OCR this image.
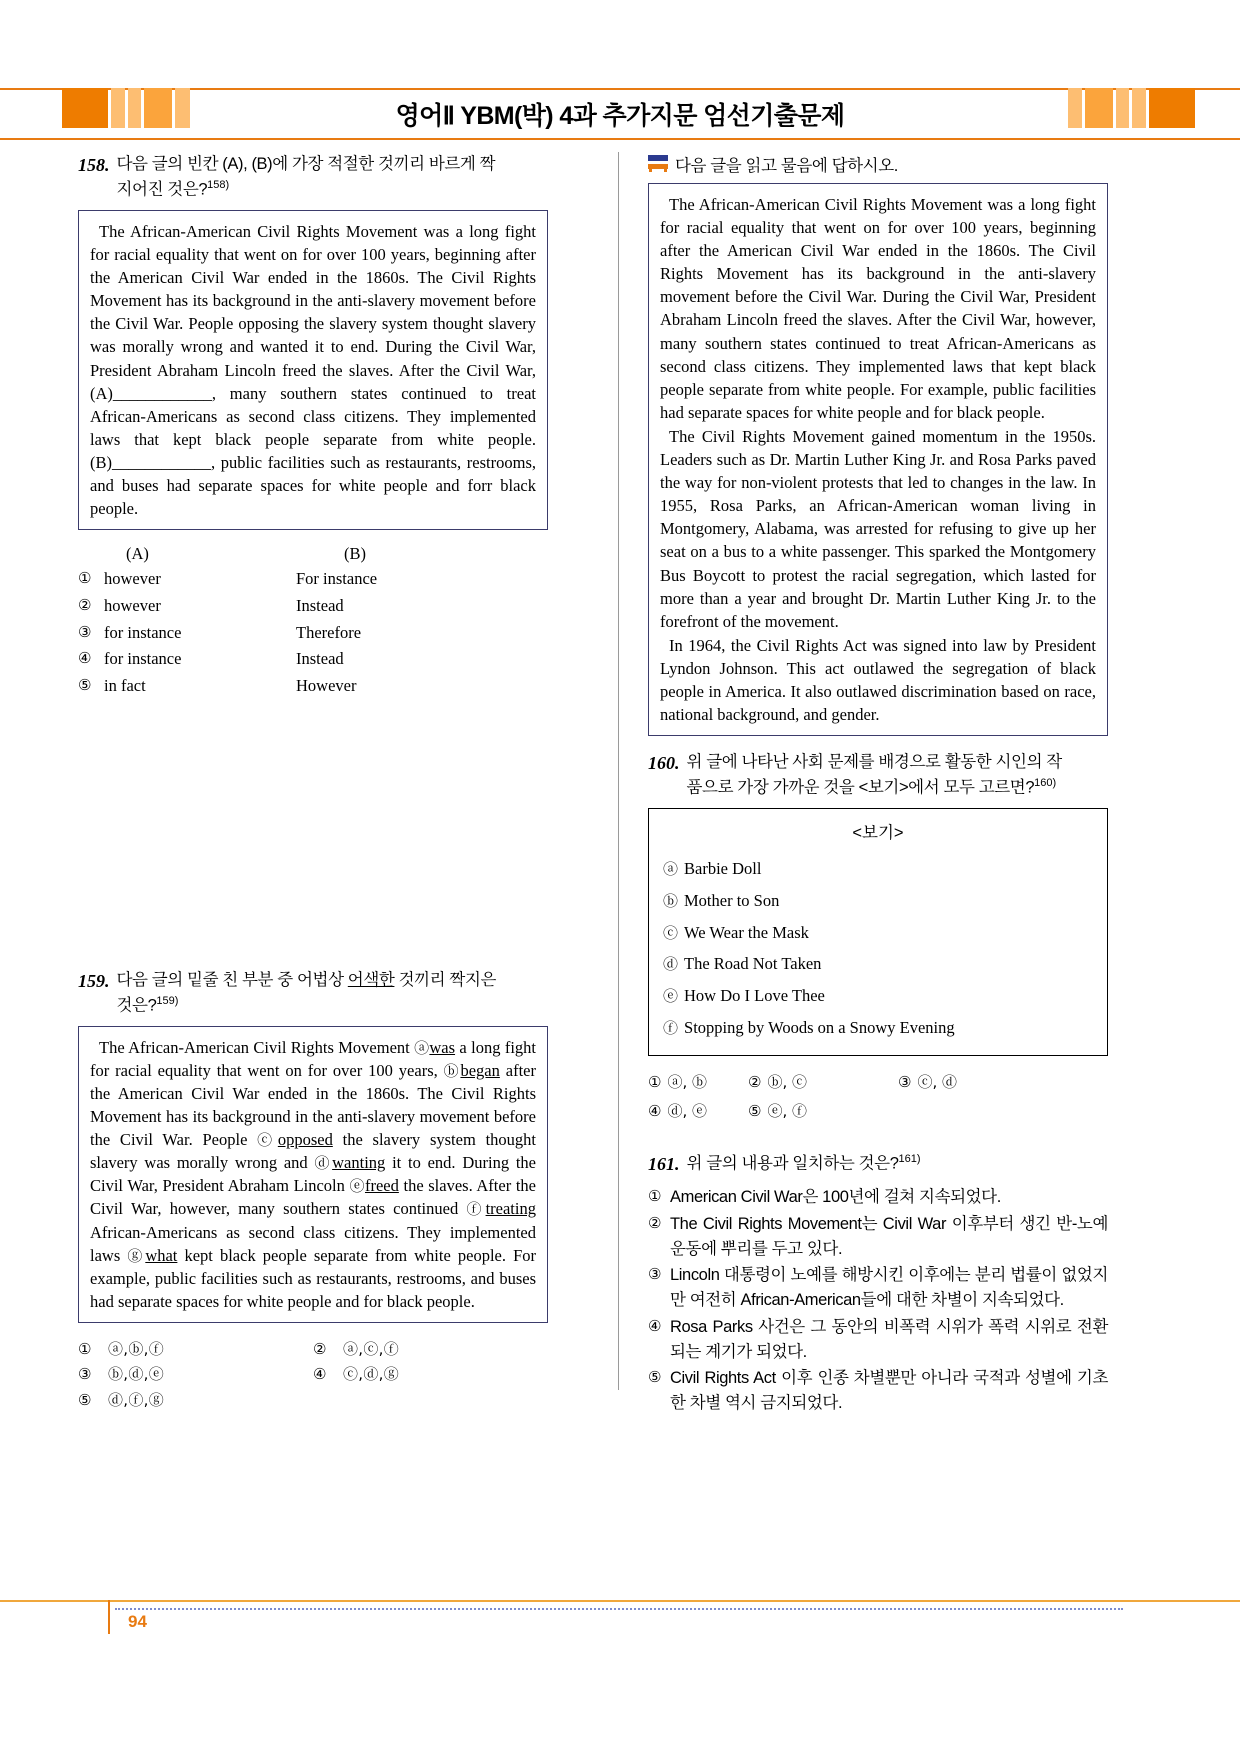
영어Ⅱ YBM(박) 4과 추가지문 엄선기출문제
158. 다음 글의 빈칸 (A), (B)에 가장 적절한 것끼리 바르게 짝
지어진 것은?$^{158)}$

The African-American Civil Rights Movement was a long fight for racial equality that went on for over 100 years, beginning after the American Civil War ended in the 1860s. The Civil Rights Movement has its background in the anti-slavery movement before the Civil War. People opposing the slavery system thought slavery was morally wrong and wanted it to end. During the Civil War, President Abraham Lincoln freed the slaves. After the Civil War, (A)____________, many southern states continued to treat African-Americans as second class citizens. They implemented laws that kept black people separate from white people. (B)____________, public facilities such as restaurants, restrooms, and buses had separate spaces for white people and forr black people.

(A)	(B)
① however	For instance
② however	Instead
③ for instance	Therefore
④ for instance	Instead
⑤ in fact	However
159. 다음 글의 밑줄 친 부분 중 어법상 어색한 것끼리 짝지은
것은?$^{159)}$

The African-American Civil Rights Movement ⓐwas a long fight for racial equality that went on for over 100 years, ⓑbegan after the American Civil War ended in the 1860s. The Civil Rights Movement has its background in the anti-slavery movement before the Civil War. People ⓒopposed the slavery system thought slavery was morally wrong and ⓓwanting it to end. During the Civil War, President Abraham Lincoln ⓔfreed the slaves. After the Civil War, however, many southern states continued ⓕtreating African-Americans as second class citizens. They implemented laws ⓖwhat kept black people separate from white people. For example, public facilities such as restaurants, restrooms, and buses had separate spaces for white people and for black people.

①	ⓐ,ⓑ,ⓕ	②	ⓐ,ⓒ,ⓕ
③	ⓑ,ⓓ,ⓔ	④	ⓒ,ⓓ,ⓖ
⑤	ⓓ,ⓕ,ⓖ
다음 글을 읽고 물음에 답하시오.

The African-American Civil Rights Movement was a long fight for racial equality that went on for over 100 years, beginning after the American Civil War ended in the 1860s. The Civil Rights Movement has its background in the anti-slavery movement before the Civil War. During the Civil War, President Abraham Lincoln freed the slaves. After the Civil War, however, many southern states continued to treat African-Americans as second class citizens. They implemented laws that kept black people separate from white people. For example, public facilities had separate spaces for white people and for black people.

The Civil Rights Movement gained momentum in the 1950s. Leaders such as Dr. Martin Luther King Jr. and Rosa Parks paved the way for non-violent protests that led to changes in the law. In 1955, Rosa Parks, an African-American woman living in Montgomery, Alabama, was arrested for refusing to give up her seat on a bus to a white passenger. This sparked the Montgomery Bus Boycott to protest the racial segregation, which lasted for more than a year and brought Dr. Martin Luther King Jr. to the forefront of the movement.

In 1964, the Civil Rights Act was signed into law by President Lyndon Johnson. This act outlawed the segregation of black people in America. It also outlawed discrimination based on race, national background, and gender.

160. 위 글에 나타난 사회 문제를 배경으로 활동한 시인의 작
품으로 가장 가까운 것을 <보기>에서 모두 고르면?$^{160)}$
<보기>
ⓐ Barbie Doll
ⓑ Mother to Son
ⓒ We Wear the Mask
ⓓ The Road Not Taken
ⓔ How Do I Love Thee
ⓕ Stopping by Woods on a Snowy Evening
① ⓐ, ⓑ	② ⓑ, ⓒ	③ ⓒ, ⓓ
④ ⓓ, ⓔ	⑤ ⓔ, ⓕ
161. 위 글의 내용과 일치하는 것은?$^{161)}$
① American Civil War은 100년에 걸쳐 지속되었다.
② The Civil Rights Movement는 Civil War 이후부터 생긴 반-노예 운동에 뿌리를 두고 있다.
③ Lincoln 대통령이 노예를 해방시킨 이후에는 분리 법률이 없었지만 여전히 African-American들에 대한 차별이 지속되었다.
④ Rosa Parks 사건은 그 동안의 비폭력 시위가 폭력 시위로 전환되는 계기가 되었다.
⑤ Civil Rights Act 이후 인종 차별뿐만 아니라 국적과 성별에 기초한 차별 역시 금지되었다.
94
